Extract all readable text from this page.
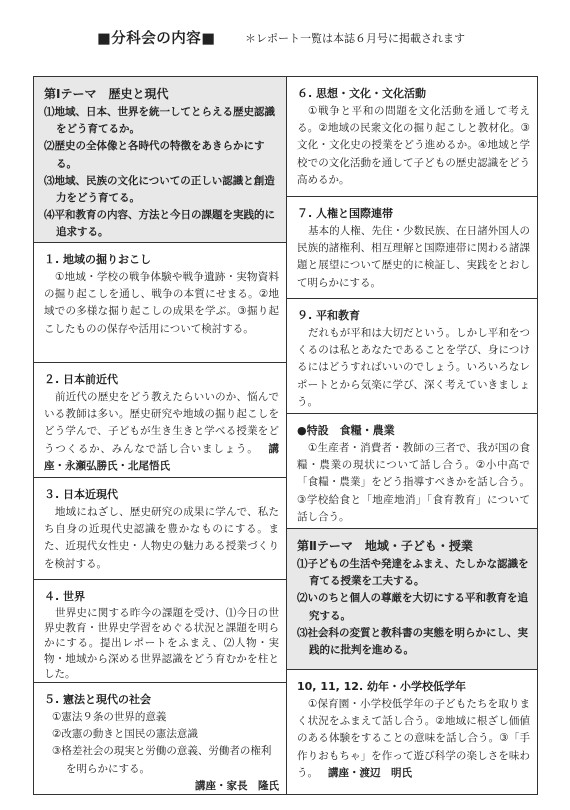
■分科会の内容■	＊レポート一覧は本誌６月号に掲載されます
第Ⅰテーマ　歴史と現代
⑴地域、日本、世界を統一してとらえる歴史認識をどう育てるか。
⑵歴史の全体像と各時代の特徴をあきらかにする。
⑶地域、民族の文化についての正しい認識と創造力をどう育てる。
⑷平和教育の内容、方法と今日の課題を実践的に追求する。
１. 地域の掘りおこし
①地域・学校の戦争体験や戦争遺跡・実物資料の掘り起こしを通し、戦争の本質にせまる。②地域での多様な掘り起こしの成果を学ぶ。③掘り起こしたものの保存や活用について検討する。
２. 日本前近代
前近代の歴史をどう教えたらいいのか、悩んでいる教師は多い。歴史研究や地域の掘り起こしをどう学んで、子どもが生き生きと学べる授業をどうつくるか、みんなで話し合いましょう。 講座・永瀬弘勝氏・北尾悟氏
３. 日本近現代
地域にねざし、歴史研究の成果に学んで、私たち自身の近現代史認識を豊かなものにする。また、近現代女性史・人物史の魅力ある授業づくりを検討する。
４. 世界
世界史に関する昨今の課題を受け、⑴今日の世界史教育・世界史学習をめぐる状況と課題を明らかにする。提出レポートをふまえ、⑵人物・実物・地域から深める世界認識をどう育むかを柱とした。
５. 憲法と現代の社会
①憲法９条の世界的意義
②改憲の動きと国民の憲法意識
③格差社会の現実と労働の意義、労働者の権利を明らかにする。
講座・家長　隆氏
６. 思想・文化・文化活動
①戦争と平和の問題を文化活動を通して考える。②地域の民衆文化の掘り起こしと教材化。③文化・文化史の授業をどう進めるか。④地域と学校での文化活動を通して子どもの歴史認識をどう高めるか。
７. 人権と国際連帯
基本的人権、先住・少数民族、在日諸外国人の民族的諸権利、相互理解と国際連帯に関わる諸課題と展望について歴史的に検証し、実践をとおして明らかにする。
９. 平和教育
だれもが平和は大切だという。しかし平和をつくるのは私とあなたであることを学び、身につけるにはどうすればいいのでしょう。いろいろなレポートとから気楽に学び、深く考えていきましょう。
●特設　食糧・農業
①生産者・消費者・教師の三者で、我が国の食糧・農業の現状について話し合う。②小中高で「食糧・農業」をどう指導すべきかを話し合う。③学校給食と「地産地消」「食育教育」について話し合う。
第Ⅱテーマ　地域・子ども・授業
⑴子どもの生活や発達をふまえ、たしかな認識を育てる授業を工夫する。
⑵いのちと個人の尊厳を大切にする平和教育を追究する。
⑶社会科の変質と教科書の実態を明らかにし、実践的に批判を進める。
10, 11, 12. 幼年・小学校低学年
①保育園・小学校低学年の子どもたちを取りまく状況をふまえて話し合う。②地域に根ざし価値のある体験をすることの意味を話し合う。③「手作りおもちゃ」を作って遊び科学の楽しさを味わう。 講座・渡辺　明氏
